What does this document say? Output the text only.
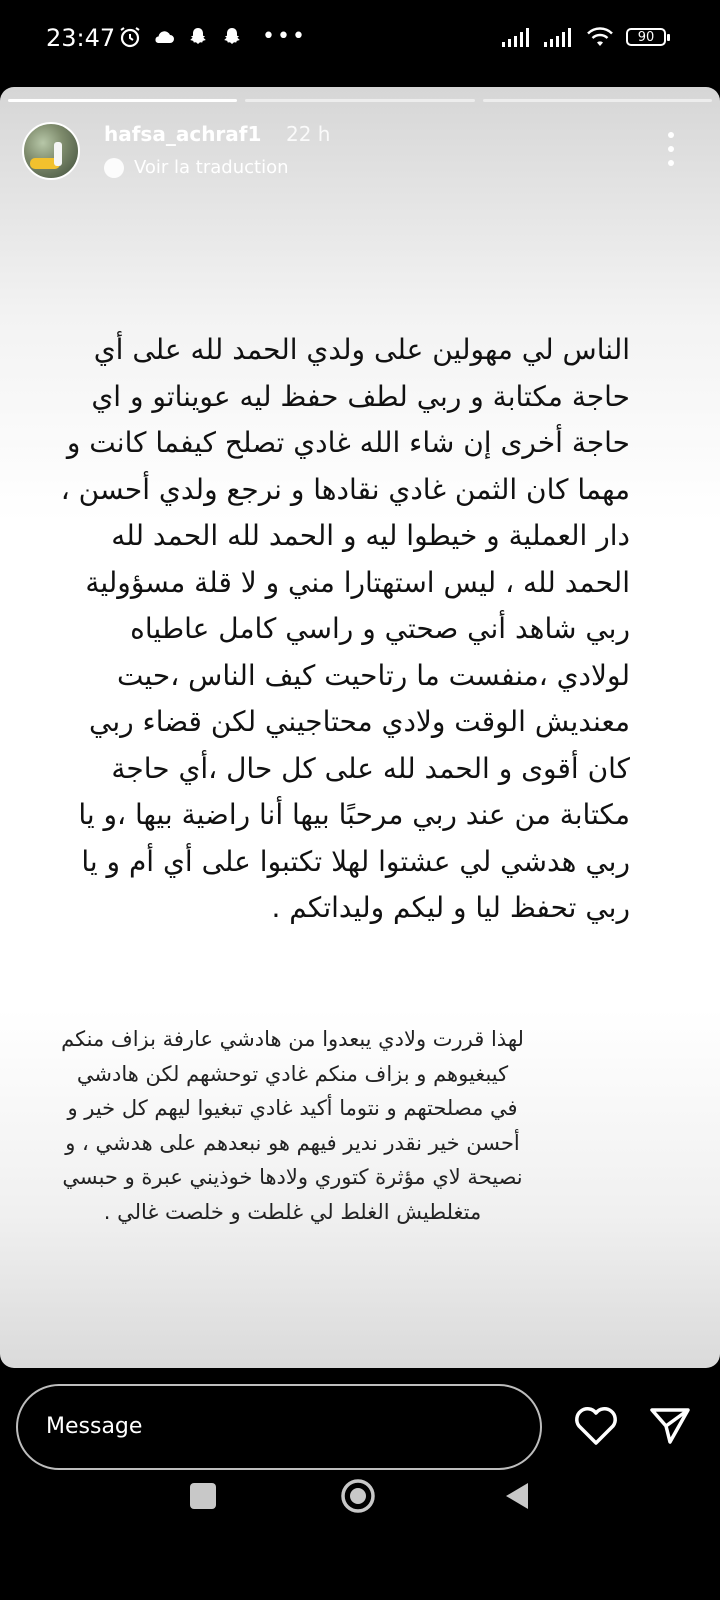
23:47	•••	90
hafsa_achraf1 22 h
Voir la traduction

الناس لي مهولين على ولدي الحمد لله على أي حاجة مكتابة و ربي لطف حفظ ليه عويناتو و اي حاجة أخرى إن شاء الله غادي تصلح كيفما كانت و مهما كان الثمن غادي نقادها و نرجع ولدي أحسن ، دار العملية و خيطوا ليه و الحمد لله الحمد لله الحمد لله ، ليس استهتارا مني و لا قلة مسؤولية ربي شاهد أني صحتي و راسي كامل عاطياه لولادي ،منفست ما رتاحيت كيف الناس ،حيت معنديش الوقت ولادي محتاجيني لكن قضاء ربي كان أقوى و الحمد لله على كل حال ،أي حاجة مكتابة من عند ربي مرحبًا بيها أنا راضية بيها ،و يا ربي هدشي لي عشتوا لهلا تكتبوا على أي أم و يا ربي تحفظ ليا و ليكم وليداتكم .

لهذا قررت ولادي يبعدوا من هادشي عارفة بزاف منكم كيبغيوهم و بزاف منكم غادي توحشهم لكن هادشي في مصلحتهم و نتوما أكيد غادي تبغيوا ليهم كل خير و أحسن خير نقدر ندير فيهم هو نبعدهم على هدشي ، و نصيحة لاي مؤثرة كتوري ولادها خوذيني عبرة و حبسي متغلطيش الغلط لي غلطت و خلصت غالي .

Message
